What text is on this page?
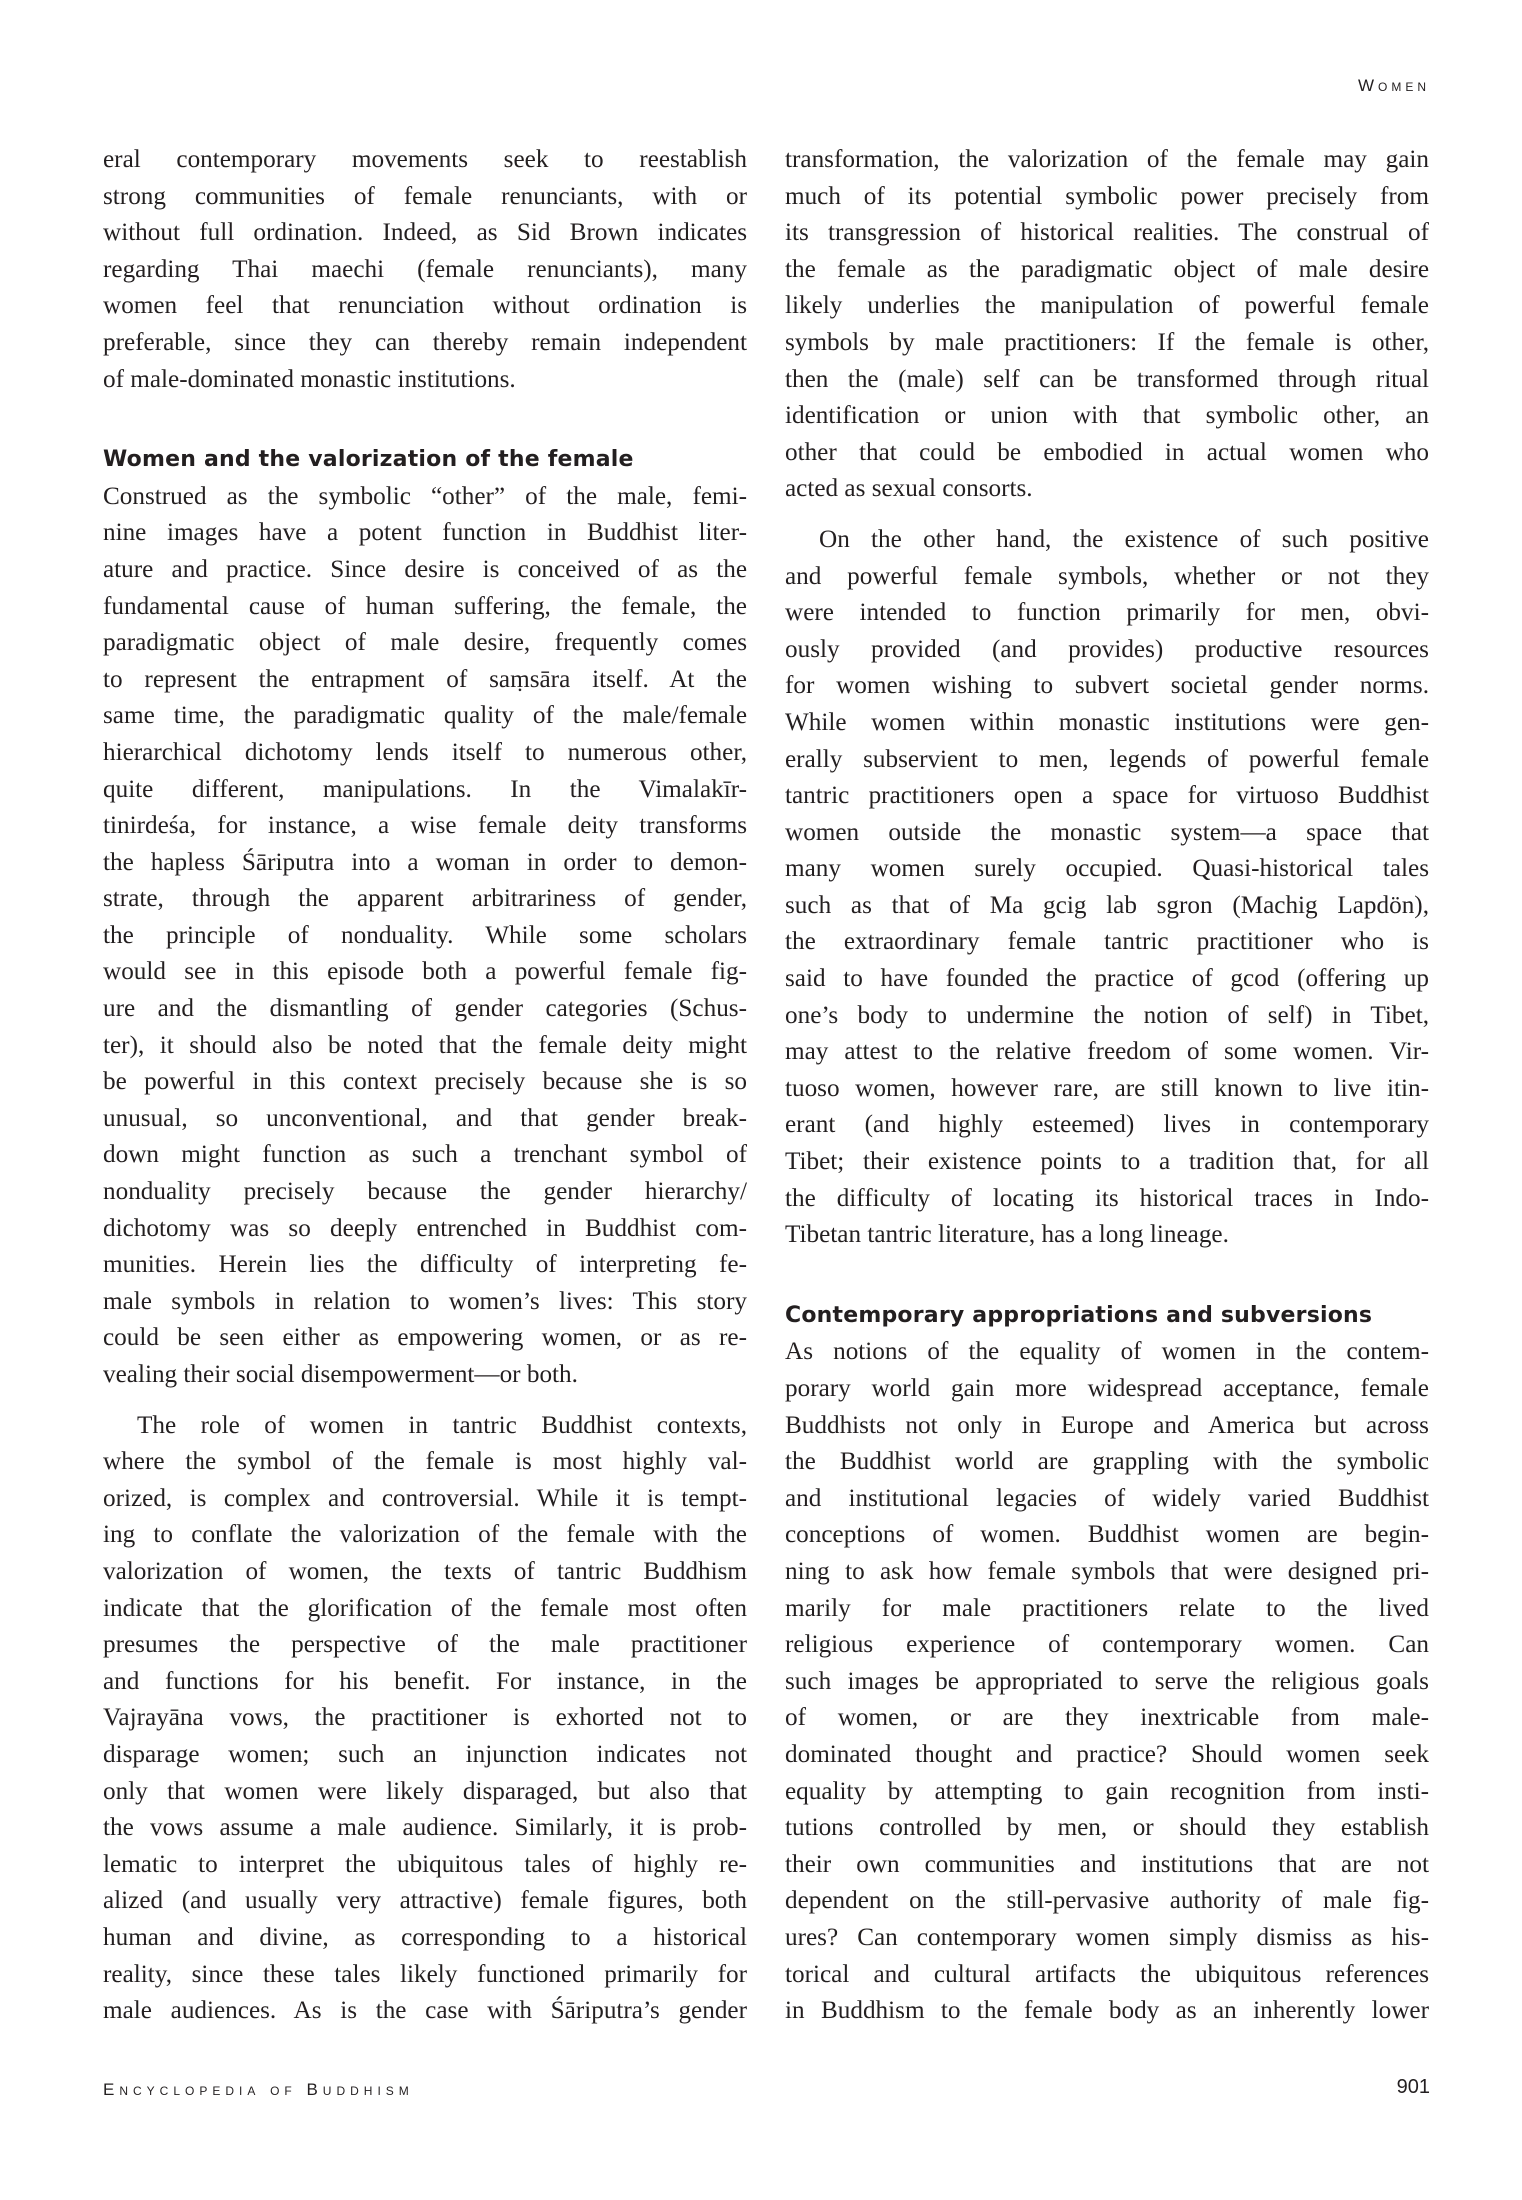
Women
eral contemporary movements seek to reestablish
strong communities of female renunciants, with or
without full ordination. Indeed, as Sid Brown indicates
regarding Thai maechi (female renunciants), many
women feel that renunciation without ordination is
preferable, since they can thereby remain independent
of male-dominated monastic institutions.
Women and the valorization of the female
Construed as the symbolic “other” of the male, femi-
nine images have a potent function in Buddhist liter-
ature and practice. Since desire is conceived of as the
fundamental cause of human suffering, the female, the
paradigmatic object of male desire, frequently comes
to represent the entrapment of saṃsāra itself. At the
same time, the paradigmatic quality of the male/female
hierarchical dichotomy lends itself to numerous other,
quite different, manipulations. In the Vimalakīr-
tinirdeśa, for instance, a wise female deity transforms
the hapless Śāriputra into a woman in order to demon-
strate, through the apparent arbitrariness of gender,
the principle of nonduality. While some scholars
would see in this episode both a powerful female fig-
ure and the dismantling of gender categories (Schus-
ter), it should also be noted that the female deity might
be powerful in this context precisely because she is so
unusual, so unconventional, and that gender break-
down might function as such a trenchant symbol of
nonduality precisely because the gender hierarchy/
dichotomy was so deeply entrenched in Buddhist com-
munities. Herein lies the difficulty of interpreting fe-
male symbols in relation to women’s lives: This story
could be seen either as empowering women, or as re-
vealing their social disempowerment—or both.
The role of women in tantric Buddhist contexts,
where the symbol of the female is most highly val-
orized, is complex and controversial. While it is tempt-
ing to conflate the valorization of the female with the
valorization of women, the texts of tantric Buddhism
indicate that the glorification of the female most often
presumes the perspective of the male practitioner
and functions for his benefit. For instance, in the
Vajrayāna vows, the practitioner is exhorted not to
disparage women; such an injunction indicates not
only that women were likely disparaged, but also that
the vows assume a male audience. Similarly, it is prob-
lematic to interpret the ubiquitous tales of highly re-
alized (and usually very attractive) female figures, both
human and divine, as corresponding to a historical
reality, since these tales likely functioned primarily for
male audiences. As is the case with Śāriputra’s gender
transformation, the valorization of the female may gain
much of its potential symbolic power precisely from
its transgression of historical realities. The construal of
the female as the paradigmatic object of male desire
likely underlies the manipulation of powerful female
symbols by male practitioners: If the female is other,
then the (male) self can be transformed through ritual
identification or union with that symbolic other, an
other that could be embodied in actual women who
acted as sexual consorts.
On the other hand, the existence of such positive
and powerful female symbols, whether or not they
were intended to function primarily for men, obvi-
ously provided (and provides) productive resources
for women wishing to subvert societal gender norms.
While women within monastic institutions were gen-
erally subservient to men, legends of powerful female
tantric practitioners open a space for virtuoso Buddhist
women outside the monastic system—a space that
many women surely occupied. Quasi-historical tales
such as that of Ma gcig lab sgron (Machig Lapdön),
the extraordinary female tantric practitioner who is
said to have founded the practice of gcod (offering up
one’s body to undermine the notion of self) in Tibet,
may attest to the relative freedom of some women. Vir-
tuoso women, however rare, are still known to live itin-
erant (and highly esteemed) lives in contemporary
Tibet; their existence points to a tradition that, for all
the difficulty of locating its historical traces in Indo-
Tibetan tantric literature, has a long lineage.
Contemporary appropriations and subversions
As notions of the equality of women in the contem-
porary world gain more widespread acceptance, female
Buddhists not only in Europe and America but across
the Buddhist world are grappling with the symbolic
and institutional legacies of widely varied Buddhist
conceptions of women. Buddhist women are begin-
ning to ask how female symbols that were designed pri-
marily for male practitioners relate to the lived
religious experience of contemporary women. Can
such images be appropriated to serve the religious goals
of women, or are they inextricable from male-
dominated thought and practice? Should women seek
equality by attempting to gain recognition from insti-
tutions controlled by men, or should they establish
their own communities and institutions that are not
dependent on the still-pervasive authority of male fig-
ures? Can contemporary women simply dismiss as his-
torical and cultural artifacts the ubiquitous references
in Buddhism to the female body as an inherently lower
Encyclopedia of Buddhism	901
